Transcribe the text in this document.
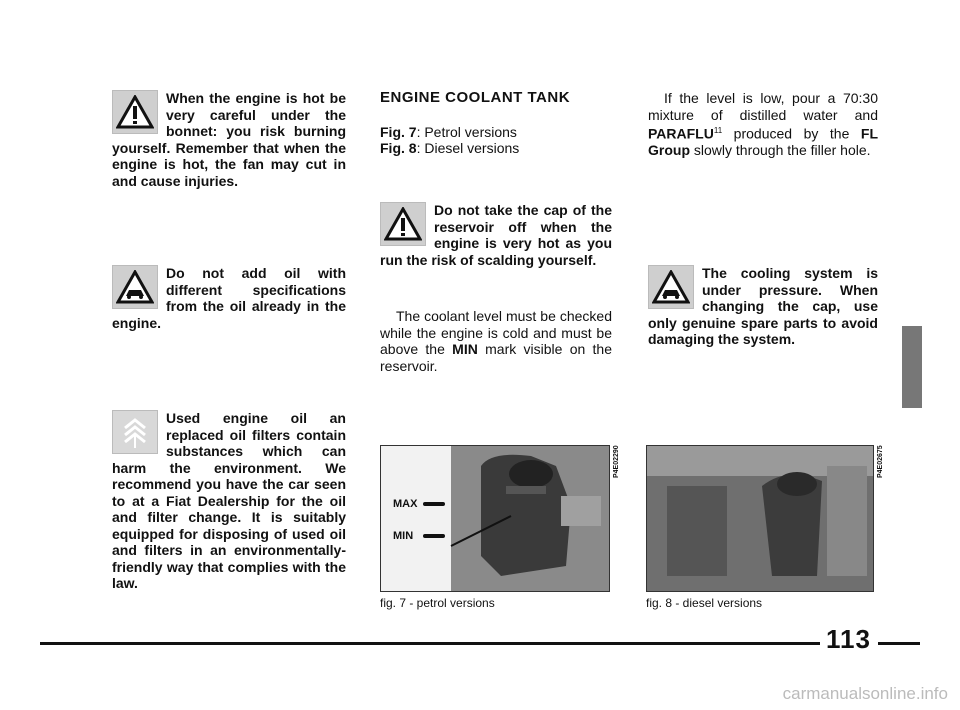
When the engine is hot be very careful under the bonnet: you risk burning yourself. Remember that when the engine is hot, the fan may cut in and cause injuries.
Do not add oil with different specifications from the oil already in the engine.
Used engine oil an replaced oil filters contain substances which can harm the environment. We recommend you have the car seen to at a Fiat Dealership for the oil and filter change. It is suitably equipped for disposing of used oil and filters in an environmentally-friendly way that complies with the law.
ENGINE COOLANT TANK
Fig. 7: Petrol versions
Fig. 8: Diesel versions
Do not take the cap of the reservoir off when the engine is very hot as you run the risk of scalding yourself.
The coolant level must be checked while the engine is cold and must be above the MIN mark visible on the reservoir.
MAX
MIN
P4E02290
fig. 7 - petrol versions
If the level is low, pour a 70:30 mixture of distilled water and PARAFLU$^{11}$ produced by the FL Group slowly through the filler hole.
The cooling system is under pressure. When changing the cap, use only genuine spare parts to avoid damaging the system.
P4E02675
fig. 8 - diesel versions
113
carmanualsonline.info
